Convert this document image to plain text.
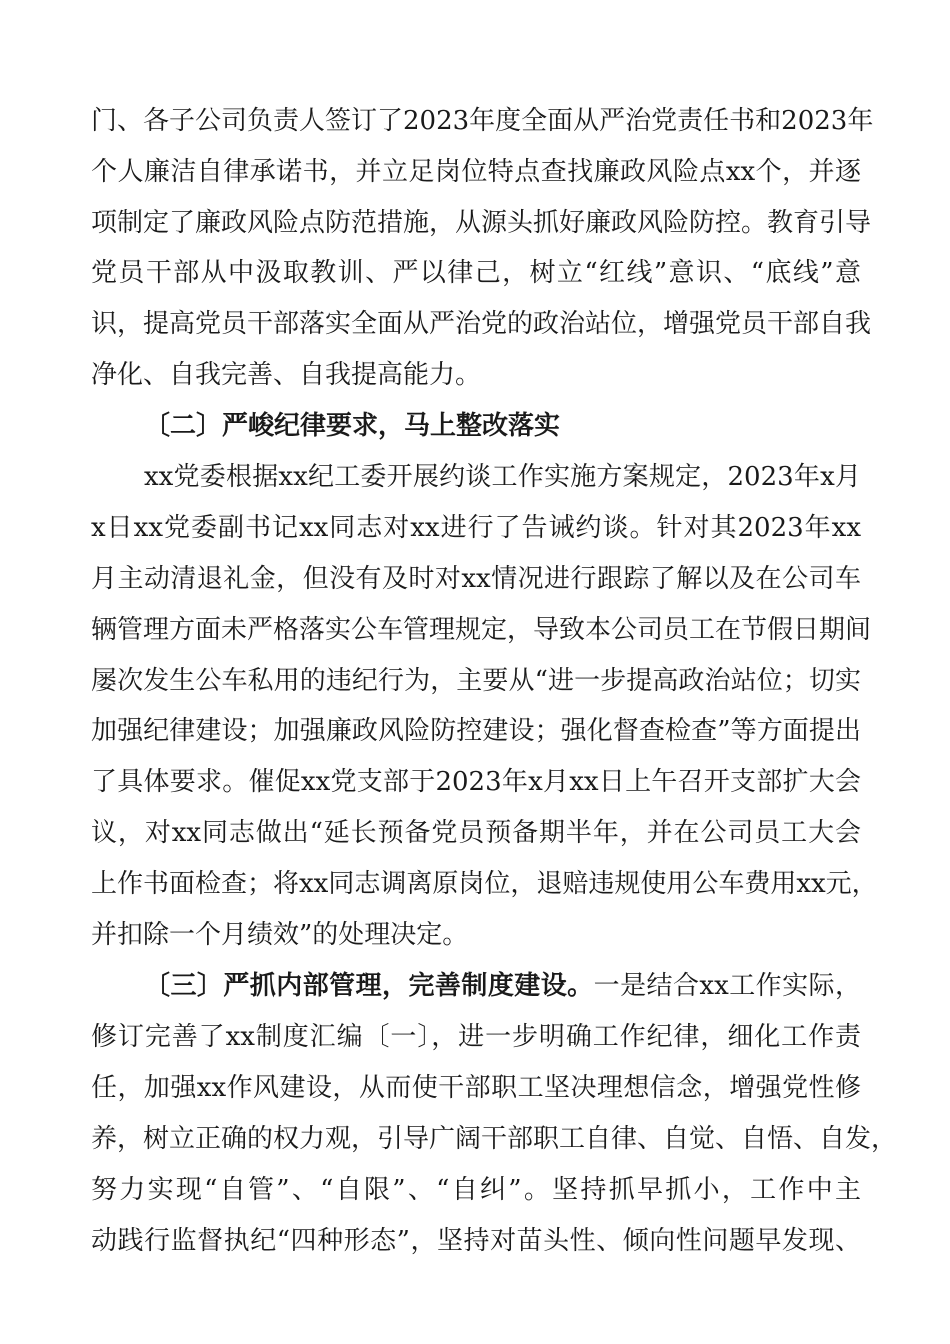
门、各子公司负责人签订了2023年度全面从严治党责任书和2023年
个人廉洁自律承诺书，并立足岗位特点查找廉政风险点xx个，并逐
项制定了廉政风险点防范措施，从源头抓好廉政风险防控。教育引导
党员干部从中汲取教训、严以律己，树立“红线”意识、“底线”意
识，提高党员干部落实全面从严治党的政治站位，增强党员干部自我
净化、自我完善、自我提高能力。
〔二〕严峻纪律要求，马上整改落实
xx党委根据xx纪工委开展约谈工作实施方案规定，2023年x月
x日xx党委副书记xx同志对xx进行了告诫约谈。针对其2023年xx
月主动清退礼金，但没有及时对xx情况进行跟踪了解以及在公司车
辆管理方面未严格落实公车管理规定，导致本公司员工在节假日期间
屡次发生公车私用的违纪行为，主要从“进一步提高政治站位；切实
加强纪律建设；加强廉政风险防控建设；强化督查检查”等方面提出
了具体要求。催促xx党支部于2023年x月xx日上午召开支部扩大会
议，对xx同志做出“延长预备党员预备期半年，并在公司员工大会
上作书面检查；将xx同志调离原岗位，退赔违规使用公车费用xx元，
并扣除一个月绩效”的处理决定。
〔三〕严抓内部管理，完善制度建设。一是结合xx工作实际，
修订完善了xx制度汇编〔一〕，进一步明确工作纪律，细化工作责
任，加强xx作风建设，从而使干部职工坚决理想信念，增强党性修
养，树立正确的权力观，引导广阔干部职工自律、自觉、自悟、自发，
努力实现“自管”、“自限”、“自纠”。坚持抓早抓小，工作中主
动践行监督执纪“四种形态”，坚持对苗头性、倾向性问题早发现、
